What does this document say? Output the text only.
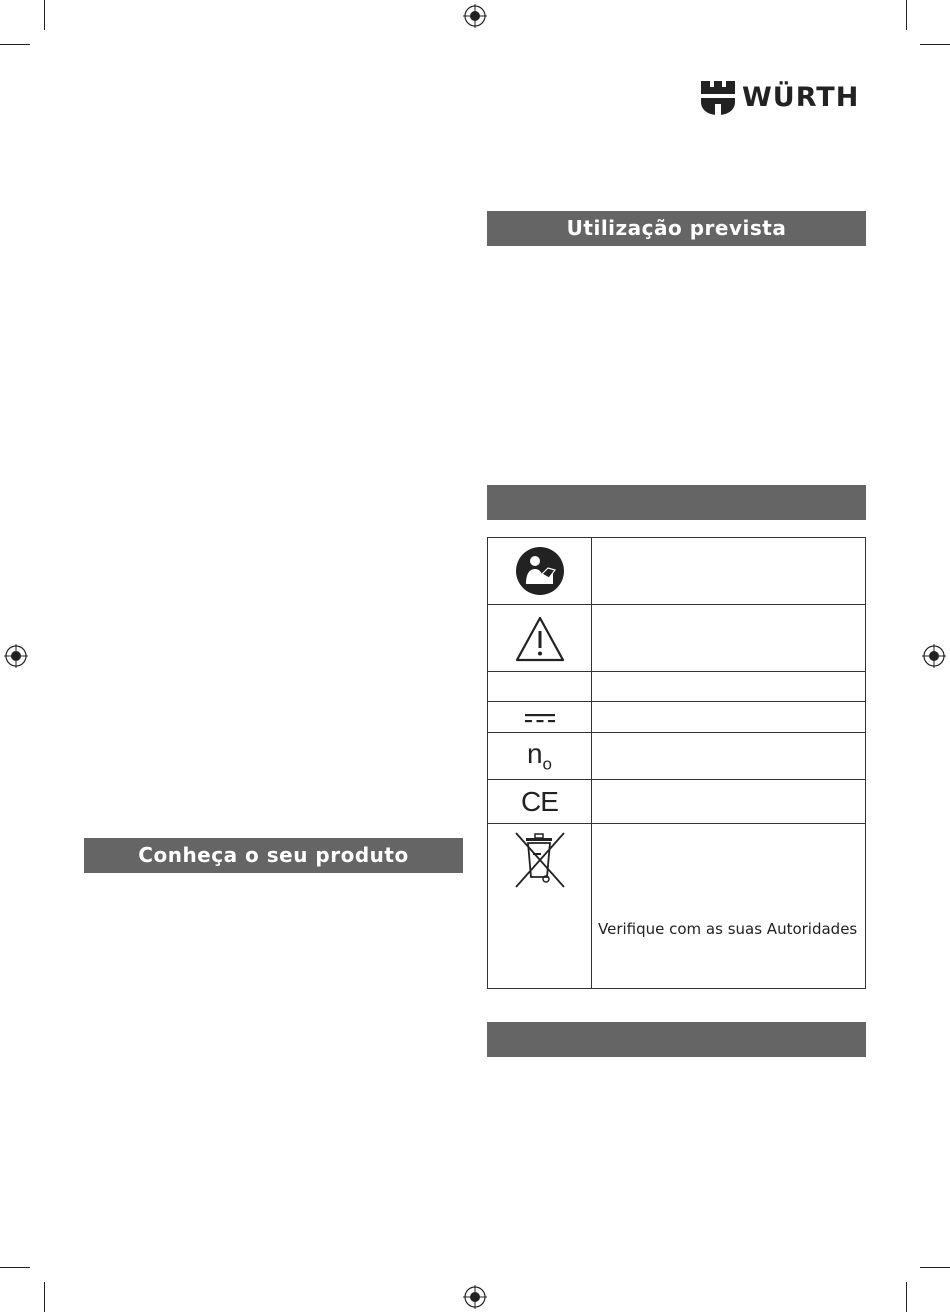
WÜRTH
Utilização prevista
Conheça o seu produto
$n_o$
CE
Verifique com as suas Autoridades
